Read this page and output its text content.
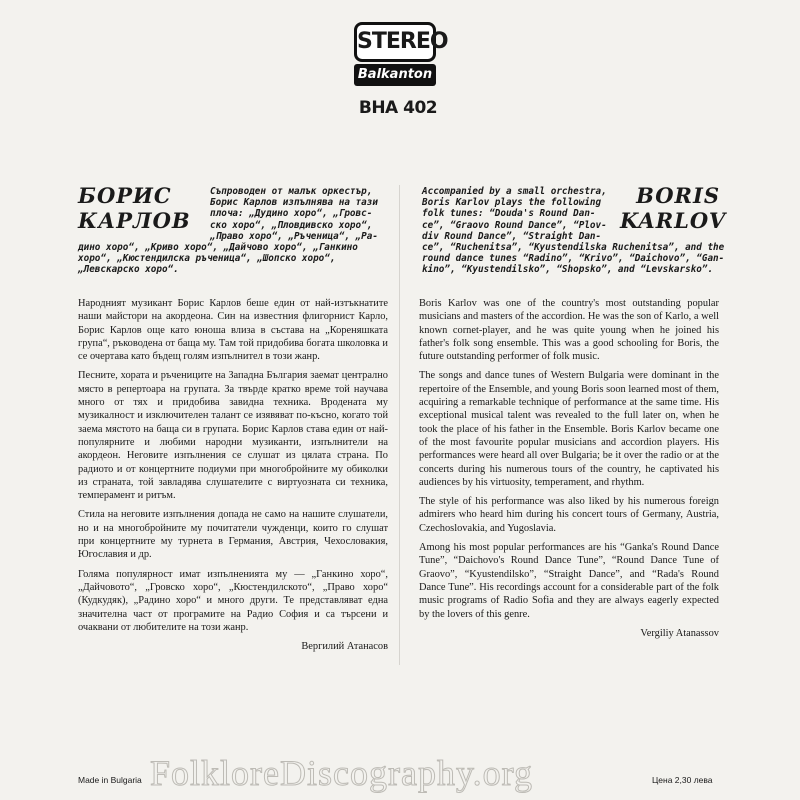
STEREO
Balkanton
BHA 402
БОРИС
КАРЛОВ
Съпроводен от малък оркестър,
Борис Карлов изпълнява на тази
плоча: „Дудино хоро“, „Гровс-
ско хоро“, „Пловдивско хоро“,
„Право хоро“, „Ръченица“, „Ра-
дино хоро“, „Криво хоро“, „Дайчово хоро“, „Ганкино
хоро“, „Кюстендилска ръченица“, „Шопско хоро“,
„Левскарско хоро“.
Accompanied by a small orchestra,
Boris Karlov plays the following
folk tunes: “Douda's Round Dan-
ce”, “Graovo Round Dance”, “Plov-
div Round Dance”, “Straight Dan-
BORIS
KARLOV
ce”, “Ruchenitsa”, “Kyustendilska Ruchenitsa”, and the
round dance tunes “Radino”, “Krivo”, “Daichovo”, “Gan-
kino”, “Kyustendilsko”, “Shopsko”, and “Levskarsko”.

Народният музикант Борис Карлов беше един от най-изтъкнатите наши майстори на акордеона. Син на известния флигорнист Карло, Борис Карлов още като юноша влиза в състава на „Кореняшката група“, ръководена от баща му. Там той придобива богата школовка и се очертава като бъдещ голям изпълнител в този жанр.

Песните, хората и ръчениците на Западна България заемат централно място в репертоара на групата. За твърде кратко време той научава много от тях и придобива завидна техника. Вродената му музикалност и изключителен талант се изявяват по-късно, когато той заема мястото на баща си в групата. Борис Карлов става един от най-популярните и любими народни музиканти, изпълнители на акордеон. Неговите изпълнения се слушат из цялата страна. По радиото и от концертните подиуми при многобройните му обиколки из страната, той завладява слушателите с виртуозната си техника, темперамент и ритъм.

Стила на неговите изпълнения допада не само на нашите слушатели, но и на многобройните му почитатели чужденци, които го слушат при концертните му турнета в Германия, Австрия, Чехословакия, Югославия и др.

Голяма популярност имат изпълненията му — „Ганкино хоро“, „Дайчовото“, „Гровско хоро“, „Кюстендилското“, „Право хоро“ (Кудкудяк), „Радино хоро“ и много други. Те представляват една значителна част от програмите на Радио София и са търсени и очаквани от любителите на този жанр.

Вергилий Атанасов

Boris Karlov was one of the country's most outstanding popular musicians and masters of the accordion. He was the son of Karlo, a well known cornet-player, and he was quite young when he joined his father's folk song ensemble. This was a good schooling for Boris, the future outstanding performer of folk music.

The songs and dance tunes of Western Bulgaria were dominant in the repertoire of the Ensemble, and young Boris soon learned most of them, acquiring a remarkable technique of performance at the same time. His exceptional musical talent was revealed to the full later on, when he took the place of his father in the Ensemble. Boris Karlov became one of the most favourite popular musicians and accordion players. His performances were heard all over Bulgaria; be it over the radio or at the concerts during his numerous tours of the country, he captivated his audiences by his virtuosity, temperament, and rhythm.

The style of his performance was also liked by his numerous foreign admirers who heard him during his concert tours of Germany, Austria, Czechoslovakia, and Yugoslavia.

Among his most popular performances are his “Ganka's Round Dance Tune”, “Daichovo's Round Dance Tune”, “Round Dance Tune of Graovo”, “Kyustendilsko”, “Straight Dance”, and “Rada's Round Dance Tune”. His recordings account for a considerable part of the folk music programs of Radio Sofia and they are always eagerly expected by the lovers of this genre.

Vergiliy Atanassov
FolkloreDiscography.org
Made in Bulgaria	Цена 2,30 лева
